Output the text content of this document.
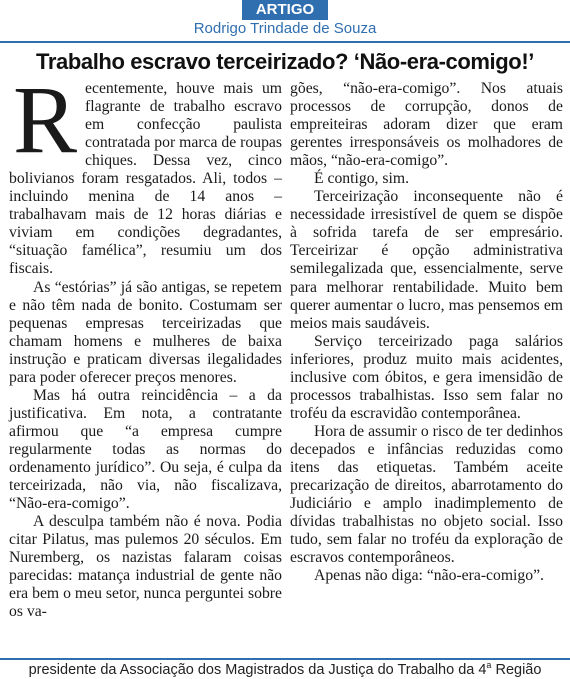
ARTIGO
Rodrigo Trindade de Souza
Trabalho escravo terceirizado? ‘Não-era-comigo!’

Recentemente, houve mais um flagrante de trabalho escravo em confecção paulista contratada por marca de roupas chiques. Dessa vez, cinco bolivianos foram resgatados. Ali, todos – incluindo menina de 14 anos – trabalhavam mais de 12 horas diárias e viviam em condições degradantes, “situação famélica”, resumiu um dos fiscais.

As “estórias” já são antigas, se repetem e não têm nada de bonito. Costumam ser pequenas empresas terceirizadas que chamam homens e mulheres de baixa instrução e praticam diversas ilegalidades para poder oferecer preços menores.

Mas há outra reincidência – a da justificativa. Em nota, a contratante afirmou que “a empresa cumpre regularmente todas as normas do ordenamento jurídico”. Ou seja, é culpa da terceirizada, não via, não fiscalizava, “Não-era-comigo”.

A desculpa também não é nova. Podia citar Pilatus, mas pulemos 20 séculos. Em Nuremberg, os nazistas falaram coisas parecidas: matança industrial de gente não era bem o meu setor, nunca perguntei sobre os va-

gões, “não-era-comigo”. Nos atuais processos de corrupção, donos de empreiteiras adoram dizer que eram gerentes irresponsáveis os molhadores de mãos, “não-era-comigo”.

É contigo, sim.

Terceirização inconsequente não é necessidade irresistível de quem se dispõe à sofrida tarefa de ser empresário. Terceirizar é opção administrativa semilegalizada que, essencialmente, serve para melhorar rentabilidade. Muito bem querer aumentar o lucro, mas pensemos em meios mais saudáveis.

Serviço terceirizado paga salários inferiores, produz muito mais acidentes, inclusive com óbitos, e gera imensidão de processos trabalhistas. Isso sem falar no troféu da escravidão contemporânea.

Hora de assumir o risco de ter dedinhos decepados e infâncias reduzidas como itens das etiquetas. Também aceite precarização de direitos, abarrotamento do Judiciário e amplo inadimplemento de dívidas trabalhistas no objeto social. Isso tudo, sem falar no troféu da exploração de escravos contemporâneos.

Apenas não diga: “não-era-comigo”.

presidente da Associação dos Magistrados da Justiça do Trabalho da 4$^a$ Região
